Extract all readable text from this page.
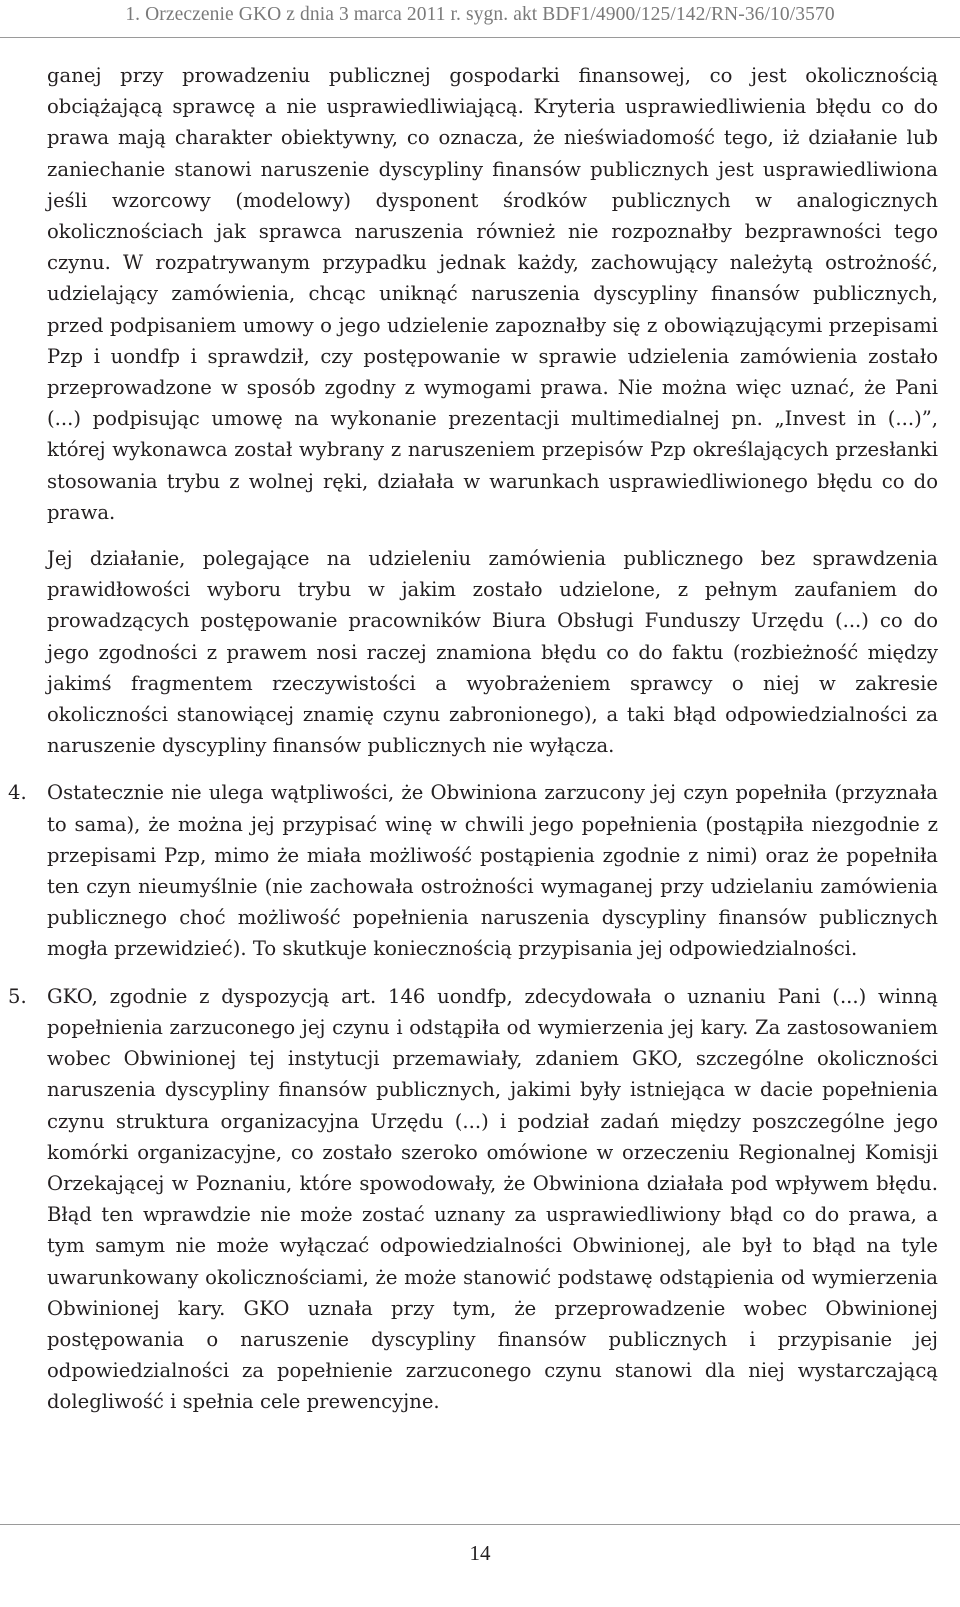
1. Orzeczenie GKO z dnia 3 marca 2011 r. sygn. akt BDF1/4900/125/142/RN-36/10/3570

ganej przy prowadzeniu publicznej gospodarki finansowej, co jest okolicznością obciążającą sprawcę a nie usprawiedliwiającą. Kryteria usprawiedliwienia błędu co do prawa mają charakter obiektywny, co oznacza, że nieświadomość tego, iż działanie lub zaniechanie stanowi naruszenie dyscypliny finansów publicznych jest usprawiedliwiona jeśli wzorcowy (modelowy) dysponent środków publicznych w analogicznych okolicznościach jak sprawca naruszenia również nie rozpoznałby bezprawności tego czynu. W rozpatrywanym przypadku jednak każdy, zachowujący należytą ostrożność, udzielający zamówienia, chcąc uniknąć naruszenia dyscypliny finansów publicznych, przed podpisaniem umowy o jego udzielenie zapoznałby się z obowiązującymi przepisami Pzp i uondfp i sprawdził, czy postępowanie w sprawie udzielenia zamówienia zostało przeprowadzone w sposób zgodny z wymogami prawa. Nie można więc uznać, że Pani (...) podpisując umowę na wykonanie prezentacji multimedialnej pn. „Invest in (...)”, której wykonawca został wybrany z naruszeniem przepisów Pzp określających przesłanki stosowania trybu z wolnej ręki, działała w warunkach usprawiedliwionego błędu co do prawa.

Jej działanie, polegające na udzieleniu zamówienia publicznego bez sprawdzenia prawidłowości wyboru trybu w jakim zostało udzielone, z pełnym zaufaniem do prowadzących postępowanie pracowników Biura Obsługi Funduszy Urzędu (...) co do jego zgodności z prawem nosi raczej znamiona błędu co do faktu (rozbieżność między jakimś fragmentem rzeczywistości a wyobrażeniem sprawcy o niej w zakresie okoliczności stanowiącej znamię czynu zabronionego), a taki błąd odpowiedzialności za naruszenie dyscypliny finansów publicznych nie wyłącza.

4. Ostatecznie nie ulega wątpliwości, że Obwiniona zarzucony jej czyn popełniła (przyznała to sama), że można jej przypisać winę w chwili jego popełnienia (postąpiła niezgodnie z przepisami Pzp, mimo że miała możliwość postąpienia zgodnie z nimi) oraz że popełniła ten czyn nieumyślnie (nie zachowała ostrożności wymaganej przy udzielaniu zamówienia publicznego choć możliwość popełnienia naruszenia dyscypliny finansów publicznych mogła przewidzieć). To skutkuje koniecznością przypisania jej odpowiedzialności.

5. GKO, zgodnie z dyspozycją art. 146 uondfp, zdecydowała o uznaniu Pani (...) winną popełnienia zarzuconego jej czynu i odstąpiła od wymierzenia jej kary. Za zastosowaniem wobec Obwinionej tej instytucji przemawiały, zdaniem GKO, szczególne okoliczności naruszenia dyscypliny finansów publicznych, jakimi były istniejąca w dacie popełnienia czynu struktura organizacyjna Urzędu (...) i podział zadań między poszczególne jego komórki organizacyjne, co zostało szeroko omówione w orzeczeniu Regionalnej Komisji Orzekającej w Poznaniu, które spowodowały, że Obwiniona działała pod wpływem błędu. Błąd ten wprawdzie nie może zostać uznany za usprawiedliwiony błąd co do prawa, a tym samym nie może wyłączać odpowiedzialności Obwinionej, ale był to błąd na tyle uwarunkowany okolicznościami, że może stanowić podstawę odstąpienia od wymierzenia Obwinionej kary. GKO uznała przy tym, że przeprowadzenie wobec Obwinionej postępowania o naruszenie dyscypliny finansów publicznych i przypisanie jej odpowiedzialności za popełnienie zarzuconego czynu stanowi dla niej wystarczającą dolegliwość i spełnia cele prewencyjne.

14
